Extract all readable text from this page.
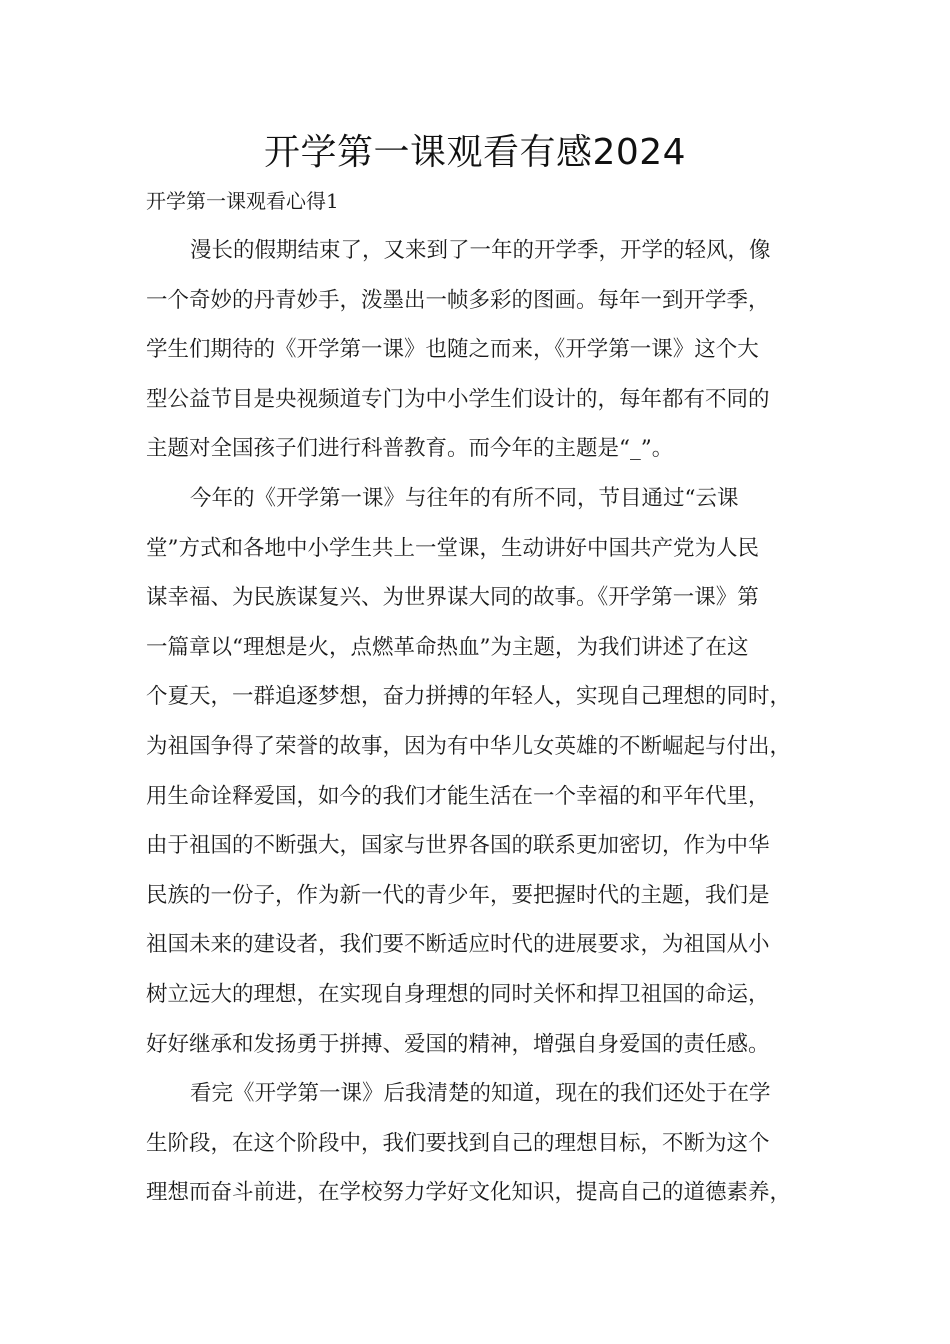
开学第一课观看有感2024
开学第一课观看心得1
漫长的假期结束了，又来到了一年的开学季，开学的轻风，像
一个奇妙的丹青妙手，泼墨出一帧多彩的图画。每年一到开学季，
学生们期待的《开学第一课》也随之而来，《开学第一课》这个大
型公益节目是央视频道专门为中小学生们设计的，每年都有不同的
主题对全国孩子们进行科普教育。而今年的主题是“_”。
今年的《开学第一课》与往年的有所不同，节目通过“云课
堂”方式和各地中小学生共上一堂课，生动讲好中国共产党为人民
谋幸福、为民族谋复兴、为世界谋大同的故事。《开学第一课》第
一篇章以“理想是火，点燃革命热血”为主题，为我们讲述了在这
个夏天，一群追逐梦想，奋力拼搏的年轻人，实现自己理想的同时，
为祖国争得了荣誉的故事，因为有中华儿女英雄的不断崛起与付出，
用生命诠释爱国，如今的我们才能生活在一个幸福的和平年代里，
由于祖国的不断强大，国家与世界各国的联系更加密切，作为中华
民族的一份子，作为新一代的青少年，要把握时代的主题，我们是
祖国未来的建设者，我们要不断适应时代的进展要求，为祖国从小
树立远大的理想，在实现自身理想的同时关怀和捍卫祖国的命运，
好好继承和发扬勇于拼搏、爱国的精神，增强自身爱国的责任感。
看完《开学第一课》后我清楚的知道，现在的我们还处于在学
生阶段，在这个阶段中，我们要找到自己的理想目标，不断为这个
理想而奋斗前进，在学校努力学好文化知识，提高自己的道德素养，
